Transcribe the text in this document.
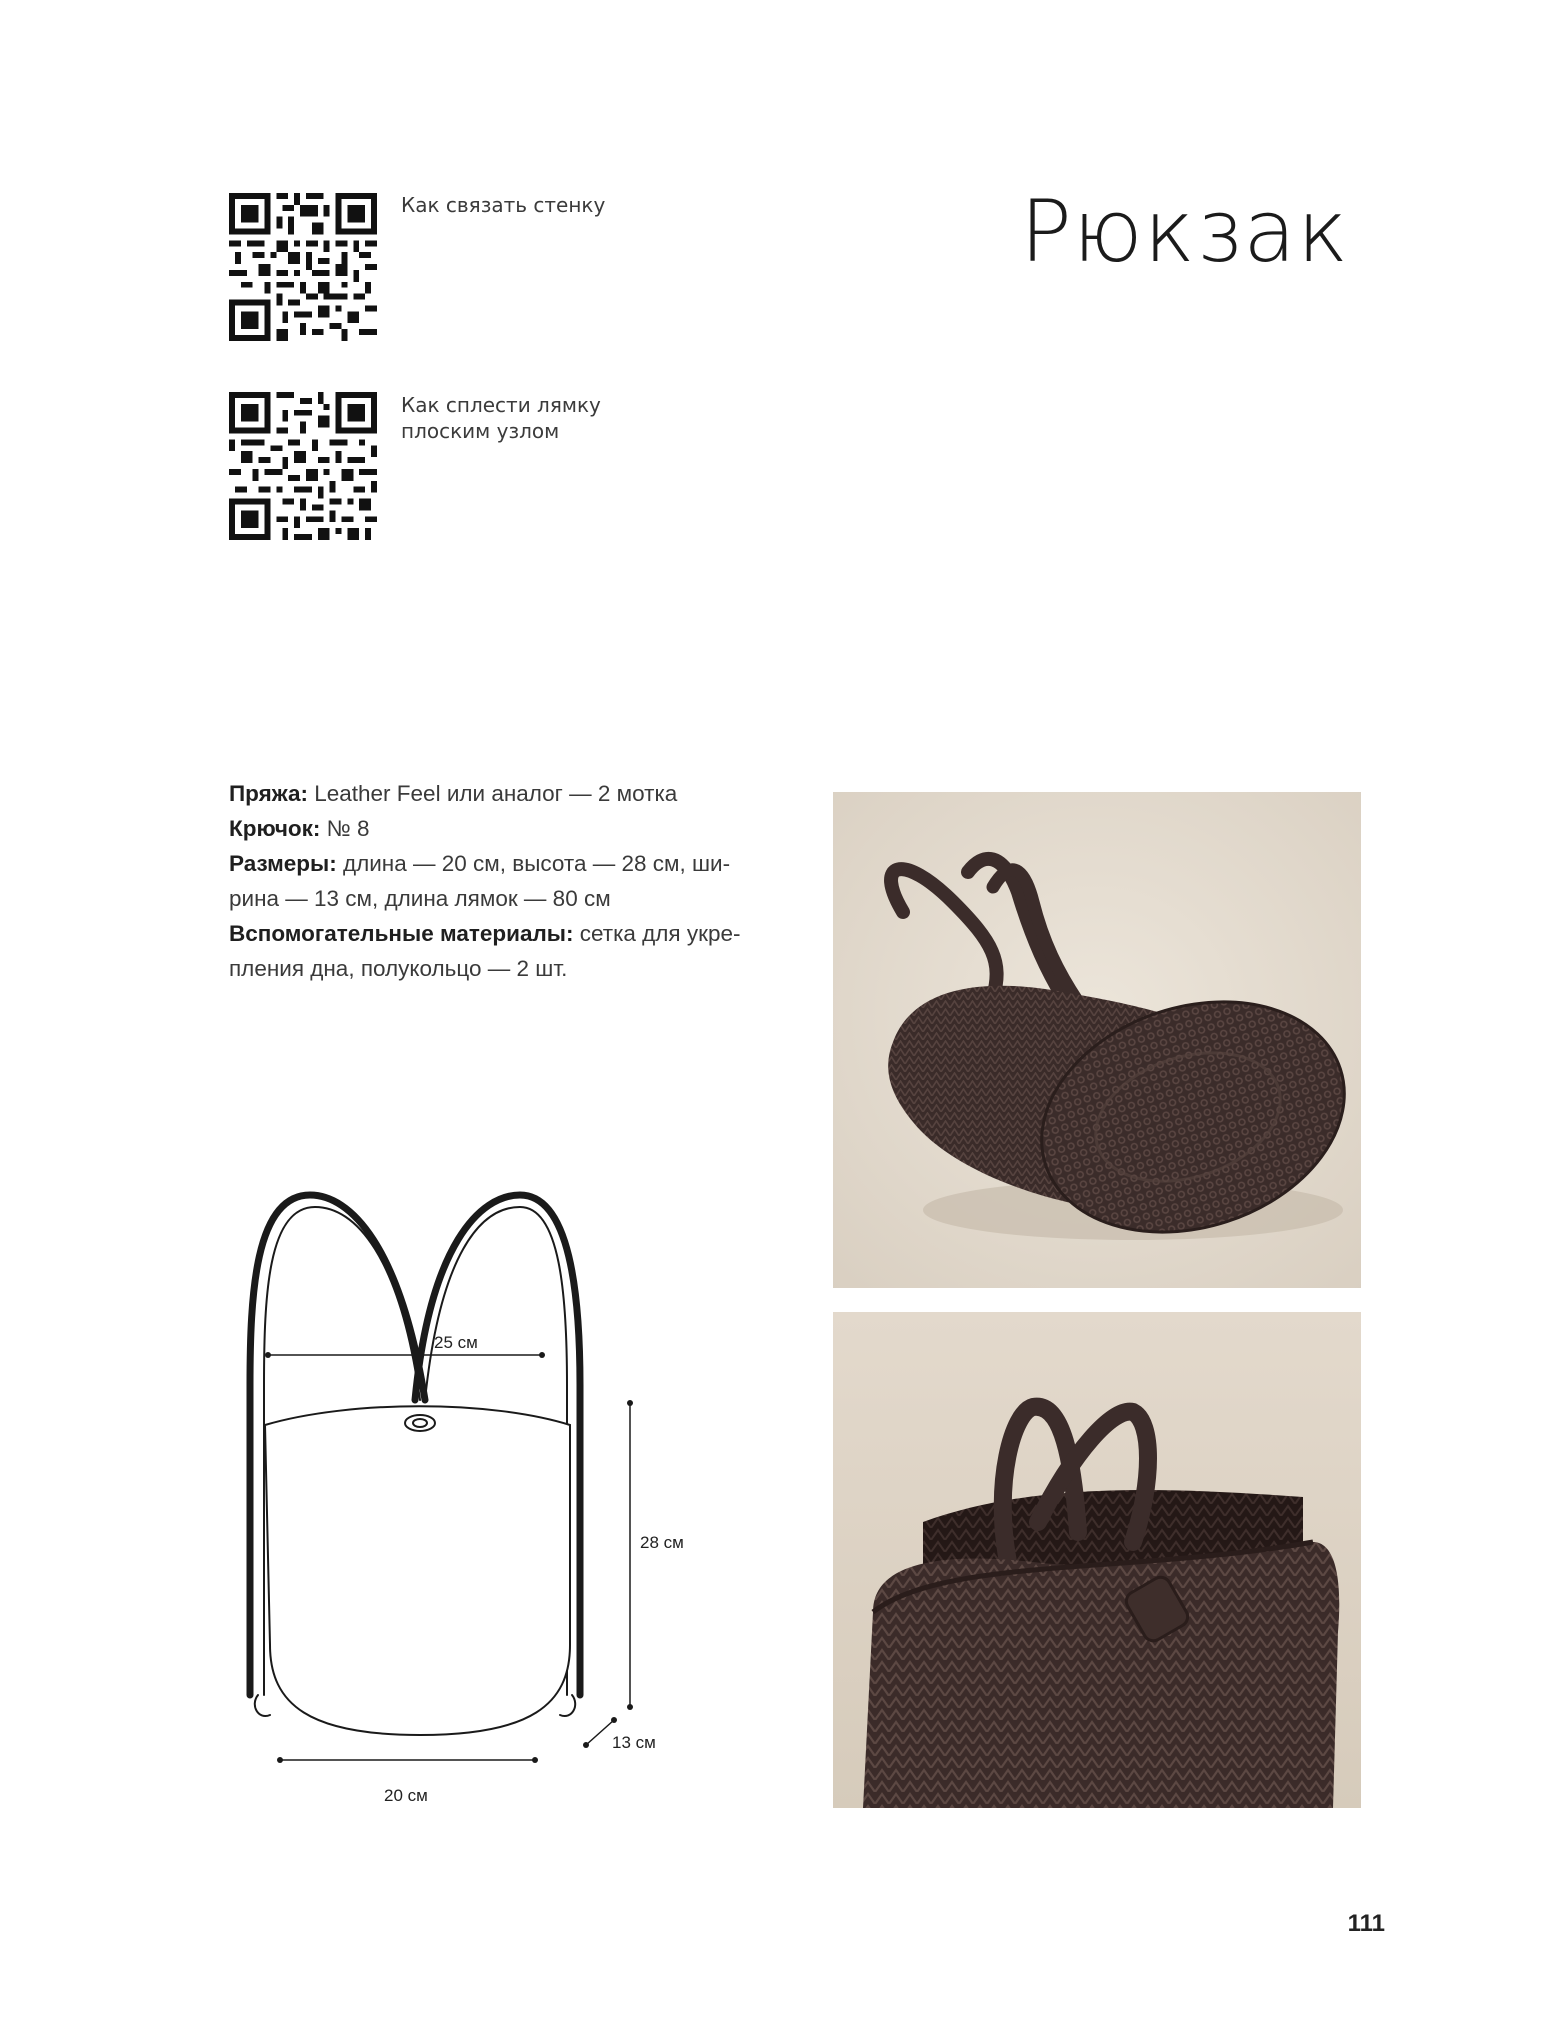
Как связать стенку
Как сплести лямку
плоским узлом
Рюкзак
Пряжа: Leather Feel или аналог — 2 мотка
Крючок: № 8
Размеры: длина — 20 см, высота — 28 см, ши-
рина — 13 см, длина лямок — 80 см
Вспомогательные материалы: сетка для укре-
пления дна, полукольцо — 2 шт.
25 см
28 см
13 см
20 см
111
